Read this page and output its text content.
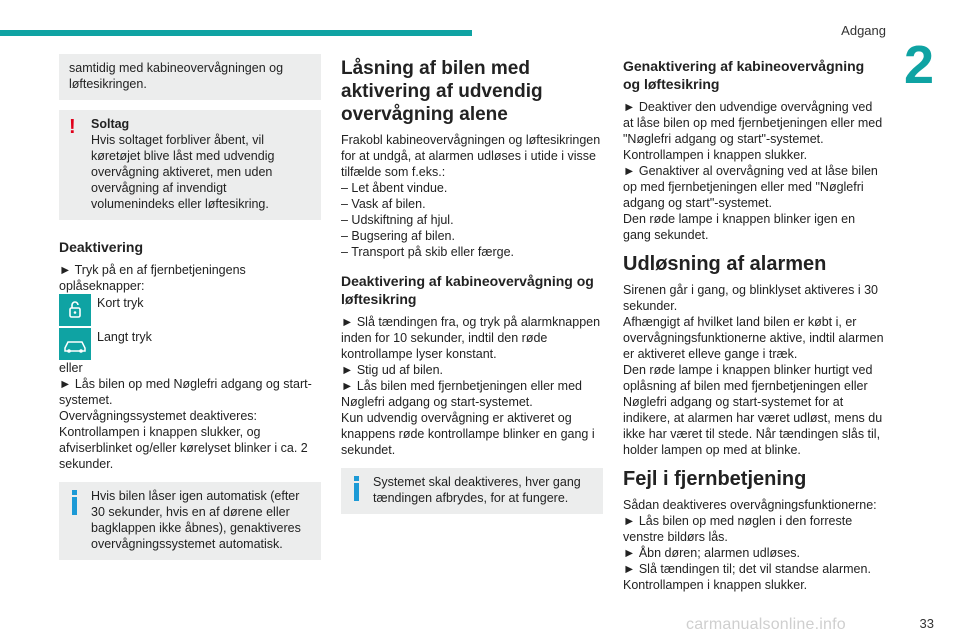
Adgang
2

samtidig med kabineovervågningen og løftesikringen.

! Soltag

Hvis soltaget forbliver åbent, vil køretøjet blive låst med udvendig overvågning aktiveret, men uden overvågning af invendigt volumenindeks eller løftesikring.

Deaktivering

► Tryk på en af fjernbetjeningens oplåseknapper:

Kort tryk
Langt tryk
eller
► Lås bilen op med Nøglefri adgang og start-systemet.
Overvågningssystemet deaktiveres: Kontrollampen i knappen slukker, og afviserblinket og/eller kørelyset blinker i ca. 2 sekunder.

Hvis bilen låser igen automatisk (efter 30 sekunder, hvis en af dørene eller bagklappen ikke åbnes), genaktiveres overvågningssystemet automatisk.

Låsning af bilen med aktivering af udvendig overvågning alene

Frakobl kabineovervågningen og løftesikringen for at undgå, at alarmen udløses i utide i visse tilfælde som f.eks.:

– Let åbent vindue.
– Vask af bilen.
– Udskiftning af hjul.
– Bugsering af bilen.
– Transport på skib eller færge.
Deaktivering af kabineovervågning og løftesikring
► Slå tændingen fra, og tryk på alarmknappen inden for 10 sekunder, indtil den røde kontrollampe lyser konstant.
► Stig ud af bilen.
► Lås bilen med fjernbetjeningen eller med Nøglefri adgang og start-systemet.
Kun udvendig overvågning er aktiveret og knappens røde kontrollampe blinker en gang i sekundet.

Systemet skal deaktiveres, hver gang tændingen afbrydes, for at fungere.

Genaktivering af kabineovervågning og løftesikring
► Deaktiver den udvendige overvågning ved at låse bilen op med fjernbetjeningen eller med "Nøglefri adgang og start"-systemet.
Kontrollampen i knappen slukker.
► Genaktiver al overvågning ved at låse bilen op med fjernbetjeningen eller med "Nøglefri adgang og start"-systemet.
Den røde lampe i knappen blinker igen en gang sekundet.
Udløsning af alarmen
Sirenen går i gang, og blinklyset aktiveres i 30 sekunder.
Afhængigt af hvilket land bilen er købt i, er overvågningsfunktionerne aktive, indtil alarmen er aktiveret elleve gange i træk.
Den røde lampe i knappen blinker hurtigt ved oplåsning af bilen med fjernbetjeningen eller Nøglefri adgang og start-systemet for at indikere, at alarmen har været udløst, mens du ikke har været til stede. Når tændingen slås til, holder lampen op med at blinke.
Fejl i fjernbetjening
Sådan deaktiveres overvågningsfunktionerne:
► Lås bilen op med nøglen i den forreste venstre bildørs lås.
► Åbn døren; alarmen udløses.
► Slå tændingen til; det vil standse alarmen.
Kontrollampen i knappen slukker.
carmanualsonline.info	33
